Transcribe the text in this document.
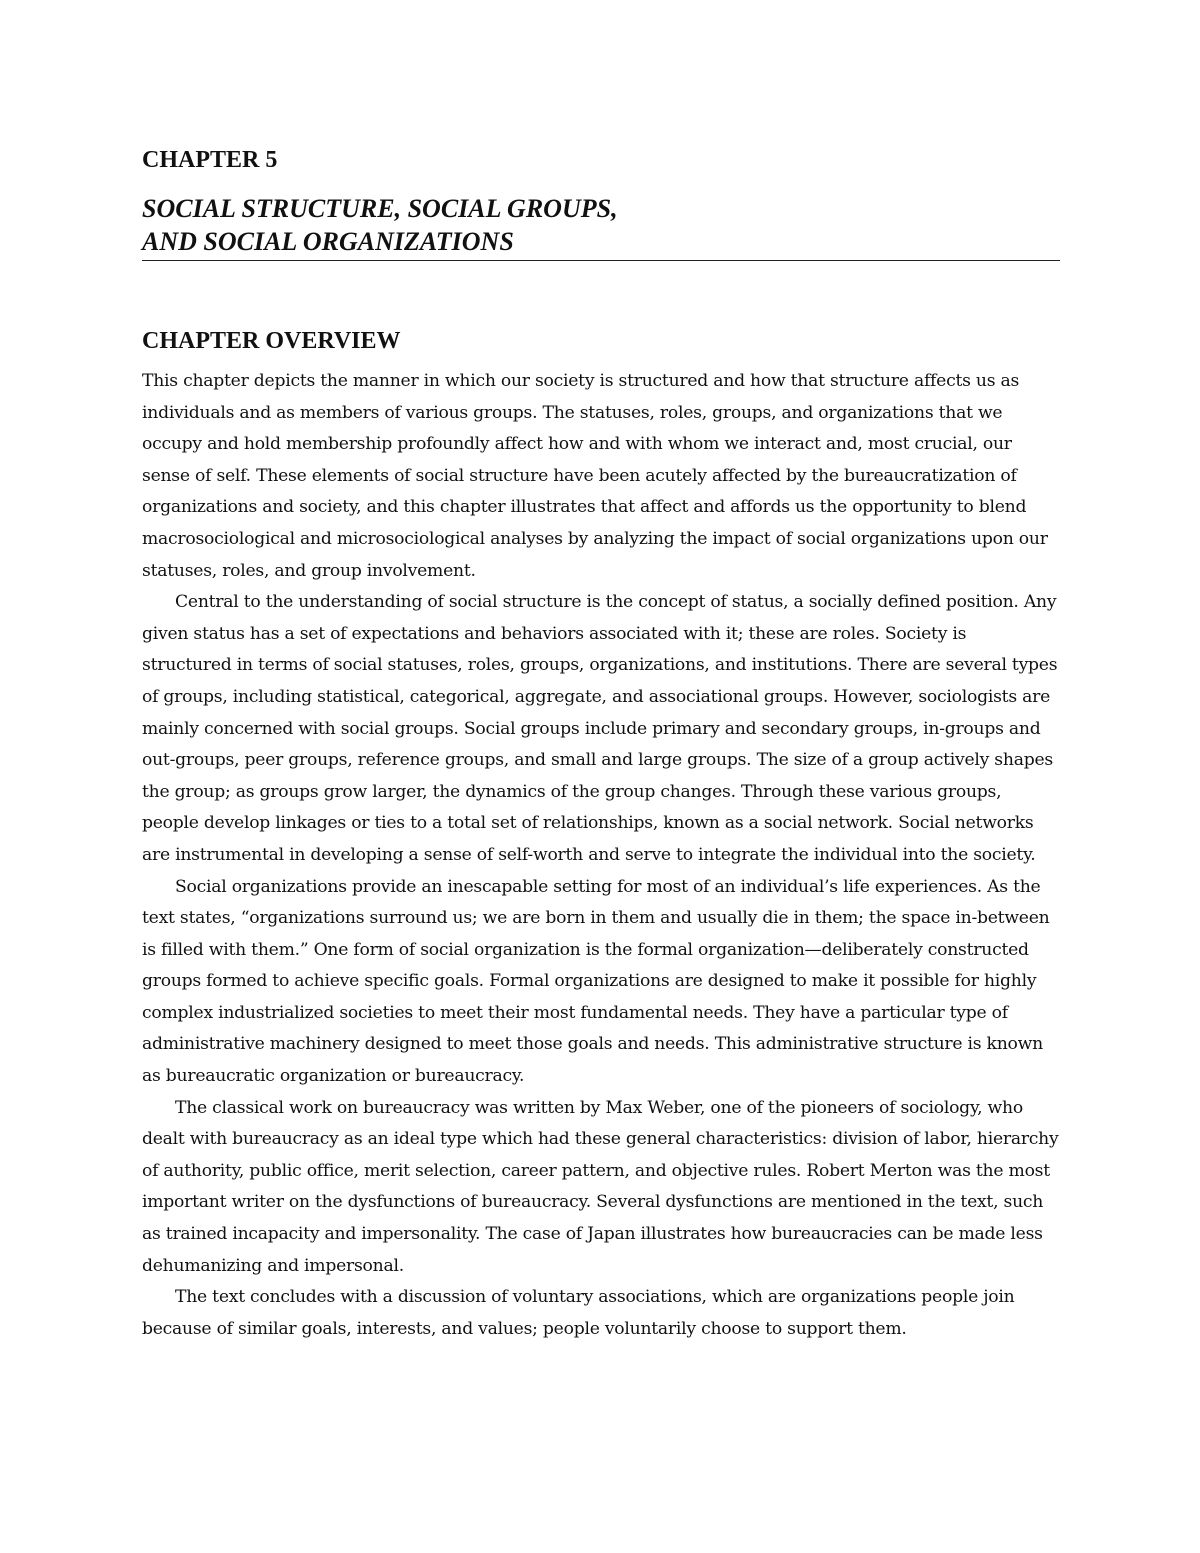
CHAPTER 5
SOCIAL STRUCTURE, SOCIAL GROUPS,
AND SOCIAL ORGANIZATIONS
CHAPTER OVERVIEW

This chapter depicts the manner in which our society is structured and how that structure affects us as individuals and as members of various groups. The statuses, roles, groups, and organizations that we occupy and hold membership profoundly affect how and with whom we interact and, most crucial, our sense of self. These elements of social structure have been acutely affected by the bureaucratization of organizations and society, and this chapter illustrates that affect and affords us the opportunity to blend macrosociological and microsociological analyses by analyzing the impact of social organizations upon our statuses, roles, and group involvement.

Central to the understanding of social structure is the concept of status, a socially defined position. Any given status has a set of expectations and behaviors associated with it; these are roles. Society is structured in terms of social statuses, roles, groups, organizations, and institutions. There are several types of groups, including statistical, categorical, aggregate, and associational groups. However, sociologists are mainly concerned with social groups. Social groups include primary and secondary groups, in-groups and out-groups, peer groups, reference groups, and small and large groups. The size of a group actively shapes the group; as groups grow larger, the dynamics of the group changes. Through these various groups, people develop linkages or ties to a total set of relationships, known as a social network. Social networks are instrumental in developing a sense of self-worth and serve to integrate the individual into the society.

Social organizations provide an inescapable setting for most of an individual’s life experiences. As the text states, “organizations surround us; we are born in them and usually die in them; the space in-between is filled with them.” One form of social organization is the formal organization—deliberately constructed groups formed to achieve specific goals. Formal organizations are designed to make it possible for highly complex industrialized societies to meet their most fundamental needs. They have a particular type of administrative machinery designed to meet those goals and needs. This administrative structure is known as bureaucratic organization or bureaucracy.

The classical work on bureaucracy was written by Max Weber, one of the pioneers of sociology, who dealt with bureaucracy as an ideal type which had these general characteristics: division of labor, hierarchy of authority, public office, merit selection, career pattern, and objective rules. Robert Merton was the most important writer on the dysfunctions of bureaucracy. Several dysfunctions are mentioned in the text, such as trained incapacity and impersonality. The case of Japan illustrates how bureaucracies can be made less dehumanizing and impersonal.

The text concludes with a discussion of voluntary associations, which are organizations people join because of similar goals, interests, and values; people voluntarily choose to support them.
